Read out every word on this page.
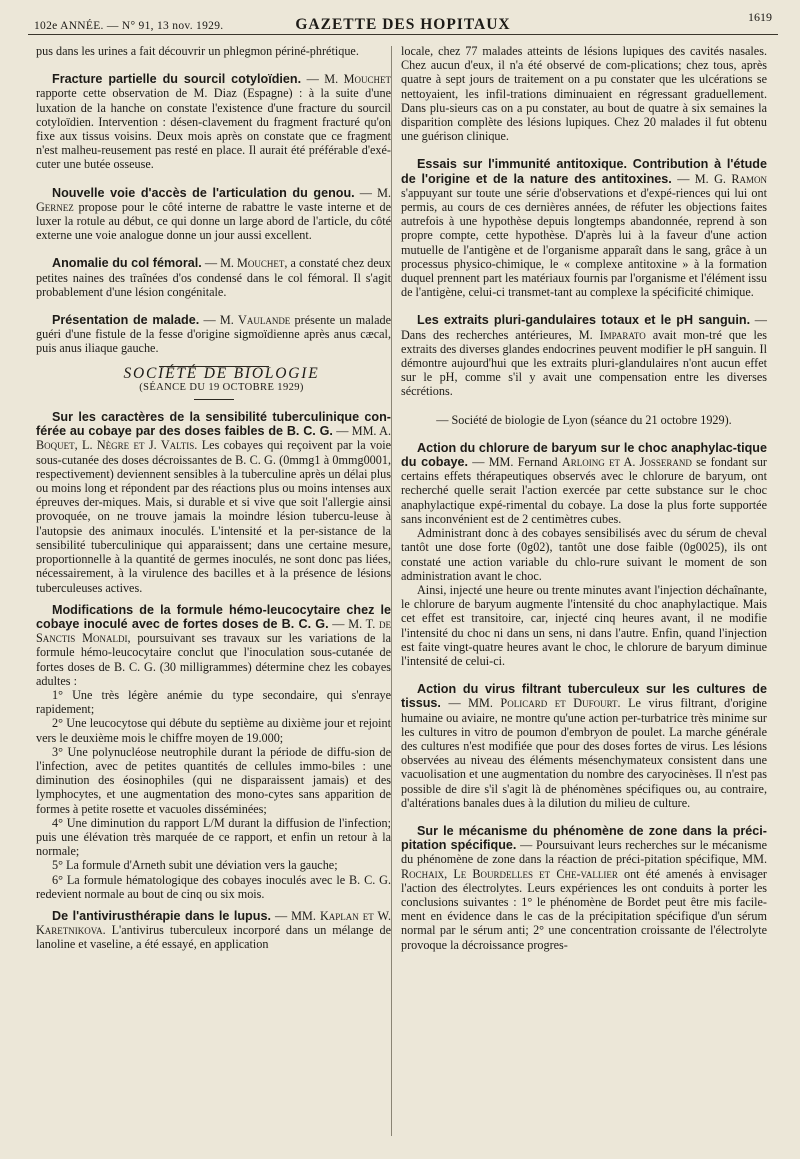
102e ANNÉE. — N° 91, 13 nov. 1929.	GAZETTE DES HOPITAUX	1619

pus dans les urines a fait découvrir un phlegmon périné-phrétique.

Fracture partielle du sourcil cotyloïdien. — M. Mouchet rapporte cette observation de M. Diaz (Espagne) : à la suite d'une luxation de la hanche on constate l'existence d'une fracture du sourcil cotyloïdien. Intervention : désen-clavement du fragment fracturé qu'on fixe aux tissus voisins. Deux mois après on constate que ce fragment n'est malheu-reusement pas resté en place. Il aurait été préférable d'exé-cuter une butée osseuse.

Nouvelle voie d'accès de l'articulation du genou. — M. Gernez propose pour le côté interne de rabattre le vaste interne et de luxer la rotule au début, ce qui donne un large abord de l'article, du côté externe une voie analogue donne un jour aussi excellent.

Anomalie du col fémoral. — M. Mouchet, a constaté chez deux petites naines des traînées d'os condensé dans le col fémoral. Il s'agit probablement d'une lésion congénitale.

Présentation de malade. — M. Vaulande présente un malade guéri d'une fistule de la fesse d'origine sigmoïdienne après anus cæcal, puis anus iliaque gauche.

SOCIÉTÉ DE BIOLOGIE

(SÉANCE DU 19 OCTOBRE 1929)

Sur les caractères de la sensibilité tuberculinique con-férée au cobaye par des doses faibles de B. C. G. — MM. A. Boquet, L. Nègre et J. Valtis. Les cobayes qui reçoivent par la voie sous-cutanée des doses décroissantes de B. C. G. (0mmg1 à 0mmg0001, respectivement) deviennent sensibles à la tuberculine après un délai plus ou moins long et répondent par des réactions plus ou moins intenses aux épreuves der-miques. Mais, si durable et si vive que soit l'allergie ainsi provoquée, on ne trouve jamais la moindre lésion tubercu-leuse à l'autopsie des animaux inoculés. L'intensité et la per-sistance de la sensibilité tuberculinique qui apparaissent; dans une certaine mesure, proportionnelle à la quantité de germes inoculés, ne sont donc pas liées, nécessairement, à la virulence des bacilles et à la présence de lésions tuberculeuses actives.

Modifications de la formule hémo-leucocytaire chez le cobaye inoculé avec de fortes doses de B. C. G. — M. T. de Sanctis Monaldi, poursuivant ses travaux sur les variations de la formule hémo-leucocytaire conclut que l'inoculation sous-cutanée de fortes doses de B. C. G. (30 milligrammes) détermine chez les cobayes adultes :

1° Une très légère anémie du type secondaire, qui s'enraye rapidement;

2° Une leucocytose qui débute du septième au dixième jour et rejoint vers le deuxième mois le chiffre moyen de 19.000;

3° Une polynucléose neutrophile durant la période de diffu-sion de l'infection, avec de petites quantités de cellules immo-biles : une diminution des éosinophiles (qui ne disparaissent jamais) et des lymphocytes, et une augmentation des mono-cytes sans apparition de formes à petite rosette et vacuoles disséminées;

4° Une diminution du rapport L/M durant la diffusion de l'infection; puis une élévation très marquée de ce rapport, et enfin un retour à la normale;

5° La formule d'Arneth subit une déviation vers la gauche;

6° La formule hématologique des cobayes inoculés avec le B. C. G. redevient normale au bout de cinq ou six mois.

De l'antivirusthérapie dans le lupus. — MM. Kaplan et W. Karetnikova. L'antivirus tuberculeux incorporé dans un mélange de lanoline et vaseline, a été essayé, en application

locale, chez 77 malades atteints de lésions lupiques des cavités nasales. Chez aucun d'eux, il n'a été observé de com-plications; chez tous, après quatre à sept jours de traitement on a pu constater que les ulcérations se nettoyaient, les infil-trations diminuaient en régressant graduellement. Dans plu-sieurs cas on a pu constater, au bout de quatre à six semaines la disparition complète des lésions lupiques. Chez 20 malades il fut obtenu une guérison clinique.

Essais sur l'immunité antitoxique. Contribution à l'étude de l'origine et de la nature des antitoxines. — M. G. Ramon s'appuyant sur toute une série d'observations et d'expé-riences qui lui ont permis, au cours de ces dernières années, de réfuter les objections faites autrefois à une hypothèse depuis longtemps abandonnée, reprend à son propre compte, cette hypothèse. D'après lui à la faveur d'une action mutuelle de l'antigène et de l'organisme apparaît dans le sang, grâce à un processus physico-chimique, le « complexe antitoxine » à la formation duquel prennent part les matériaux fournis par l'organisme et l'élément issu de l'antigène, celui-ci transmet-tant au complexe la spécificité chimique.

Les extraits pluri-gandulaires totaux et le pH sanguin. — Dans des recherches antérieures, M. Imparato avait mon-tré que les extraits des diverses glandes endocrines peuvent modifier le pH sanguin. Il démontre aujourd'hui que les extraits pluri-glandulaires n'ont aucun effet sur le pH, comme s'il y avait une compensation entre les diverses sécrétions.

— Société de biologie de Lyon (séance du 21 octobre 1929).

Action du chlorure de baryum sur le choc anaphylac-tique du cobaye. — MM. Fernand Arloing et A. Josserand se fondant sur certains effets thérapeutiques observés avec le chlorure de baryum, ont recherché quelle serait l'action exercée par cette substance sur le choc anaphylactique expé-rimental du cobaye. La dose la plus forte supportée sans inconvénient est de 2 centimètres cubes.

Administrant donc à des cobayes sensibilisés avec du sérum de cheval tantôt une dose forte (0g02), tantôt une dose faible (0g0025), ils ont constaté une action variable du chlo-rure suivant le moment de son administration avant le choc.

Ainsi, injecté une heure ou trente minutes avant l'injection déchaînante, le chlorure de baryum augmente l'intensité du choc anaphylactique. Mais cet effet est transitoire, car, injecté cinq heures avant, il ne modifie l'intensité du choc ni dans un sens, ni dans l'autre. Enfin, quand l'injection est faite vingt-quatre heures avant le choc, le chlorure de baryum diminue l'intensité de celui-ci.

Action du virus filtrant tuberculeux sur les cultures de tissus. — MM. Policard et Dufourt. Le virus filtrant, d'origine humaine ou aviaire, ne montre qu'une action per-turbatrice très minime sur les cultures in vitro de poumon d'embryon de poulet. La marche générale des cultures n'est modifiée que pour des doses fortes de virus. Les lésions observées au niveau des éléments mésenchymateux consistent dans une vacuolisation et une augmentation du nombre des caryocinèses. Il n'est pas possible de dire s'il s'agit là de phénomènes spécifiques ou, au contraire, d'altérations banales dues à la dilution du milieu de culture.

Sur le mécanisme du phénomène de zone dans la préci-pitation spécifique. — Poursuivant leurs recherches sur le mécanisme du phénomène de zone dans la réaction de préci-pitation spécifique, MM. Rochaix, Le Bourdelles et Che-vallier ont été amenés à envisager l'action des électrolytes. Leurs expériences les ont conduits à porter les conclusions suivantes : 1° le phénomène de Bordet peut être mis facile-ment en évidence dans le cas de la précipitation spécifique d'un sérum normal par le sérum anti; 2° une concentration croissante de l'électrolyte provoque la décroissance progres-
